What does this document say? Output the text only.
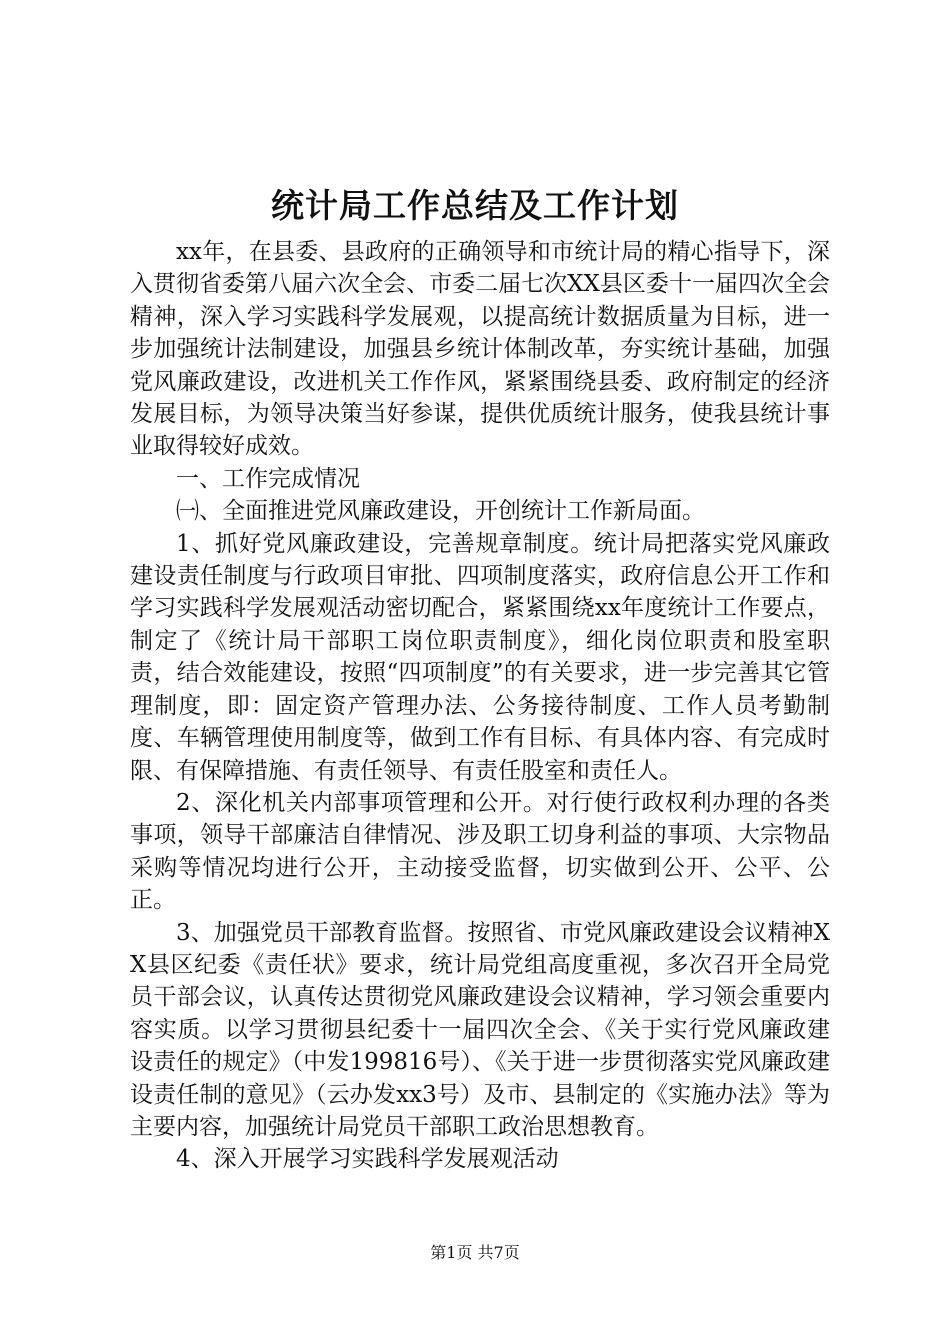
统计局工作总结及工作计划

xx年，在县委、县政府的正确领导和市统计局的精心指导下，深入贯彻省委第八届六次全会、市委二届七次XX县区委十一届四次全会精神，深入学习实践科学发展观，以提高统计数据质量为目标，进一步加强统计法制建设，加强县乡统计体制改革，夯实统计基础，加强党风廉政建设，改进机关工作作风，紧紧围绕县委、政府制定的经济发展目标，为领导决策当好参谋，提供优质统计服务，使我县统计事业取得较好成效。

一、工作完成情况

㈠、全面推进党风廉政建设，开创统计工作新局面。

1、抓好党风廉政建设，完善规章制度。统计局把落实党风廉政建设责任制度与行政项目审批、四项制度落实，政府信息公开工作和学习实践科学发展观活动密切配合，紧紧围绕xx年度统计工作要点，制定了《统计局干部职工岗位职责制度》，细化岗位职责和股室职责，结合效能建设，按照“四项制度”的有关要求，进一步完善其它管理制度，即：固定资产管理办法、公务接待制度、工作人员考勤制度、车辆管理使用制度等，做到工作有目标、有具体内容、有完成时限、有保障措施、有责任领导、有责任股室和责任人。

2、深化机关内部事项管理和公开。对行使行政权利办理的各类事项，领导干部廉洁自律情况、涉及职工切身利益的事项、大宗物品采购等情况均进行公开，主动接受监督，切实做到公开、公平、公正。

3、加强党员干部教育监督。按照省、市党风廉政建设会议精神XX县区纪委《责任状》要求，统计局党组高度重视，多次召开全局党员干部会议，认真传达贯彻党风廉政建设会议精神，学习领会重要内容实质。以学习贯彻县纪委十一届四次全会、《关于实行党风廉政建设责任的规定》（中发199816号）、《关于进一步贯彻落实党风廉政建设责任制的意见》（云办发xx3号）及市、县制定的《实施办法》等为主要内容，加强统计局党员干部职工政治思想教育。

4、深入开展学习实践科学发展观活动

第1页 共7页
